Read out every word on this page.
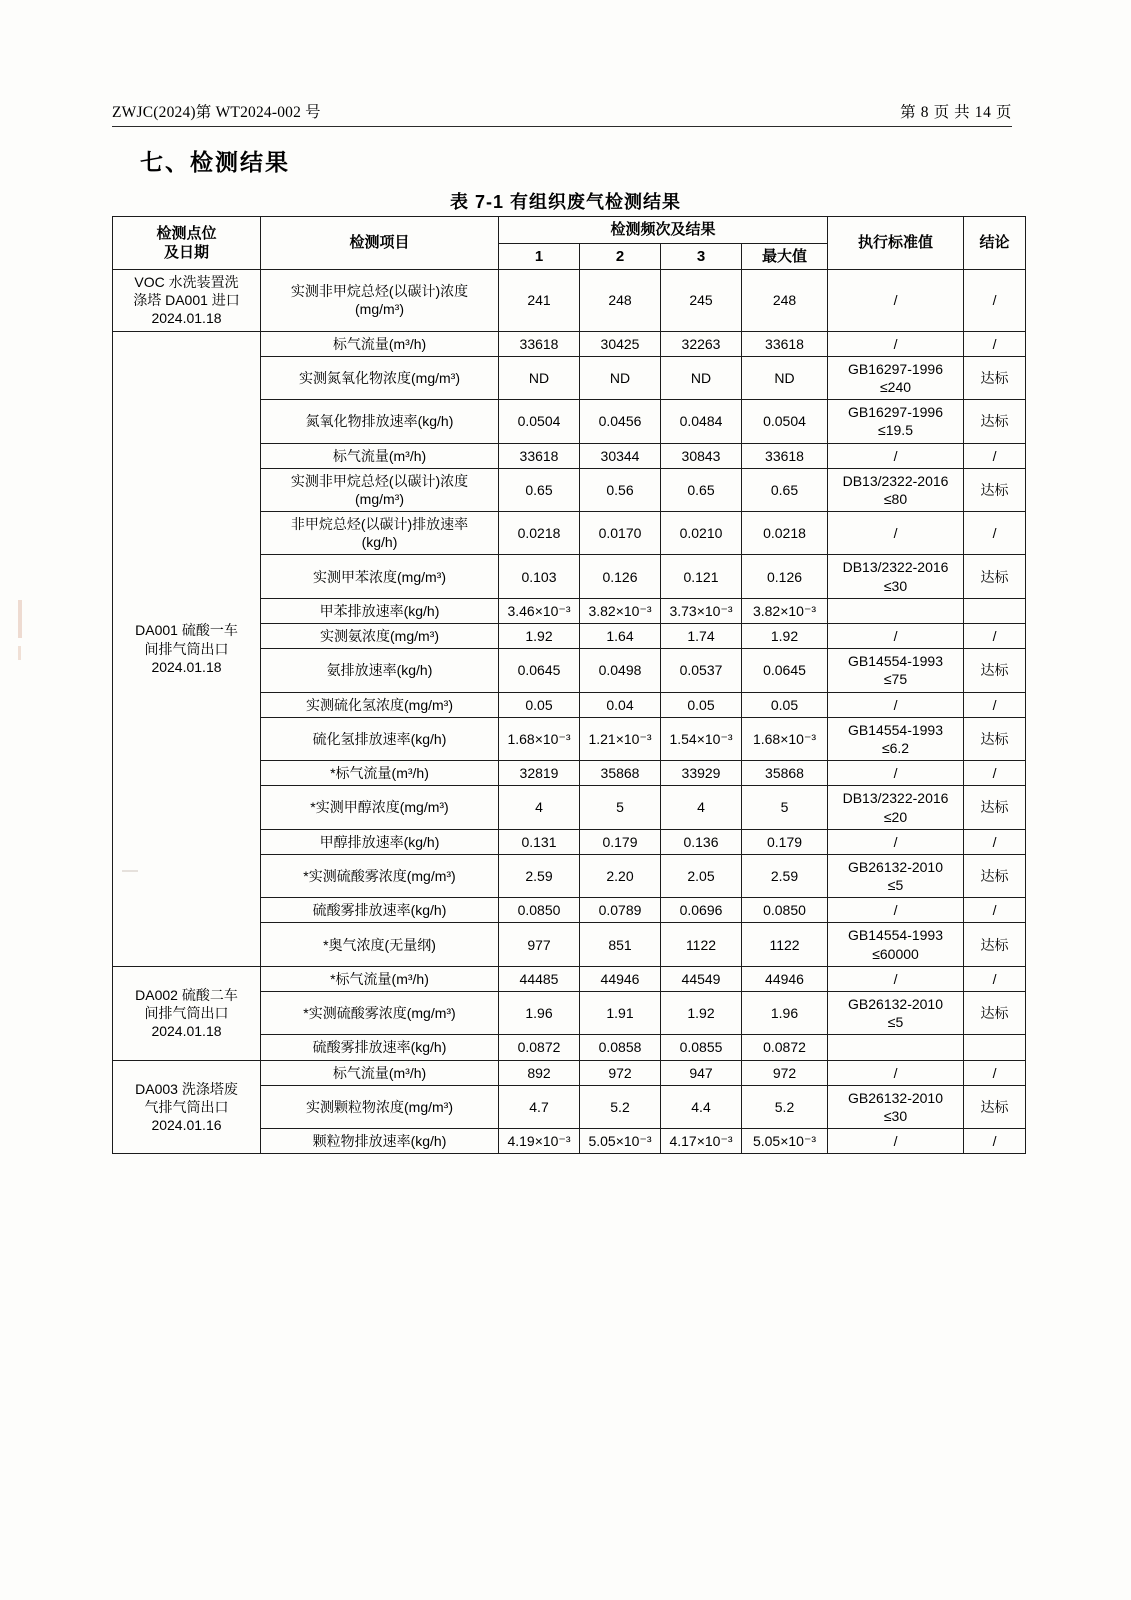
ZWJC(2024)第 WT2024-002 号	第 8 页 共 14 页
七、检测结果
表 7-1 有组织废气检测结果
检测点位
及日期	检测项目	检测频次及结果				执行标准值	结论
		1	2	3	最大值		

VOC 水洗装置洗
涤塔 DA001 进口
2024.01.18

实测非甲烷总烃(以碳计)浓度
(mg/m³)
	241	248	245	248	/	/

DA001 硫酸一车
间排气筒出口
2024.01.18	标气流量(m³/h)	33618	30425	32263	33618	/	/

	实测氮氧化物浓度(mg/m³)	ND	ND	ND	ND	GB16297-1996
≤240	达标

	氮氧化物排放速率(kg/h)	0.0504	0.0456	0.0484	0.0504	GB16297-1996
≤19.5	达标

	标气流量(m³/h)	33618	30344	30843	33618	/	/

实测非甲烷总烃(以碳计)浓度
(mg/m³)
	0.65	0.56	0.65	0.65	
DB13/2322-2016
≤80
	达标

	非甲烷总烃(以碳计)排放速率
(kg/h)	0.0218	0.0170	0.0210	0.0218	/	/

	实测甲苯浓度(mg/m³)	0.103	0.126	0.121	0.126	DB13/2322-2016
≤30	达标

	甲苯排放速率(kg/h)	3.46×10⁻³	3.82×10⁻³	3.73×10⁻³	3.82×10⁻³	

	实测氨浓度(mg/m³)	1.92	1.64	1.74	1.92	/	/

	氨排放速率(kg/h)	0.0645	0.0498	0.0537	0.0645	GB14554-1993
≤75	达标

	实测硫化氢浓度(mg/m³)	0.05	0.04	0.05	0.05	/	/

	硫化氢排放速率(kg/h)	1.68×10⁻³	1.21×10⁻³	1.54×10⁻³	1.68×10⁻³	GB14554-1993
≤6.2	达标

	*标气流量(m³/h)	32819	35868	33929	35868	/	/

	*实测甲醇浓度(mg/m³)	4	5	4	5	DB13/2322-2016
≤20	达标

	甲醇排放速率(kg/h)	0.131	0.179	0.136	0.179	/	/

	*实测硫酸雾浓度(mg/m³)	2.59	2.20	2.05	2.59	GB26132-2010
≤5	达标

	硫酸雾排放速率(kg/h)	0.0850	0.0789	0.0696	0.0850	/	/

	*奥气浓度(无量纲)	977	851	1122	1122	GB14554-1993
≤60000	达标

DA002 硫酸二车
间排气筒出口
2024.01.18	*标气流量(m³/h)	44485	44946	44549	44946	/	/

	*实测硫酸雾浓度(mg/m³)	1.96	1.91	1.92	1.96	GB26132-2010
≤5	达标

	硫酸雾排放速率(kg/h)	0.0872	0.0858	0.0855	0.0872	

DA003 洗涤塔废
气排气筒出口
2024.01.16	标气流量(m³/h)	892	972	947	972	/	/

	实测颗粒物浓度(mg/m³)	4.7	5.2	4.4	5.2	GB26132-2010
≤30	达标

	颗粒物排放速率(kg/h)	4.19×10⁻³	5.05×10⁻³	4.17×10⁻³	5.05×10⁻³	/	/
